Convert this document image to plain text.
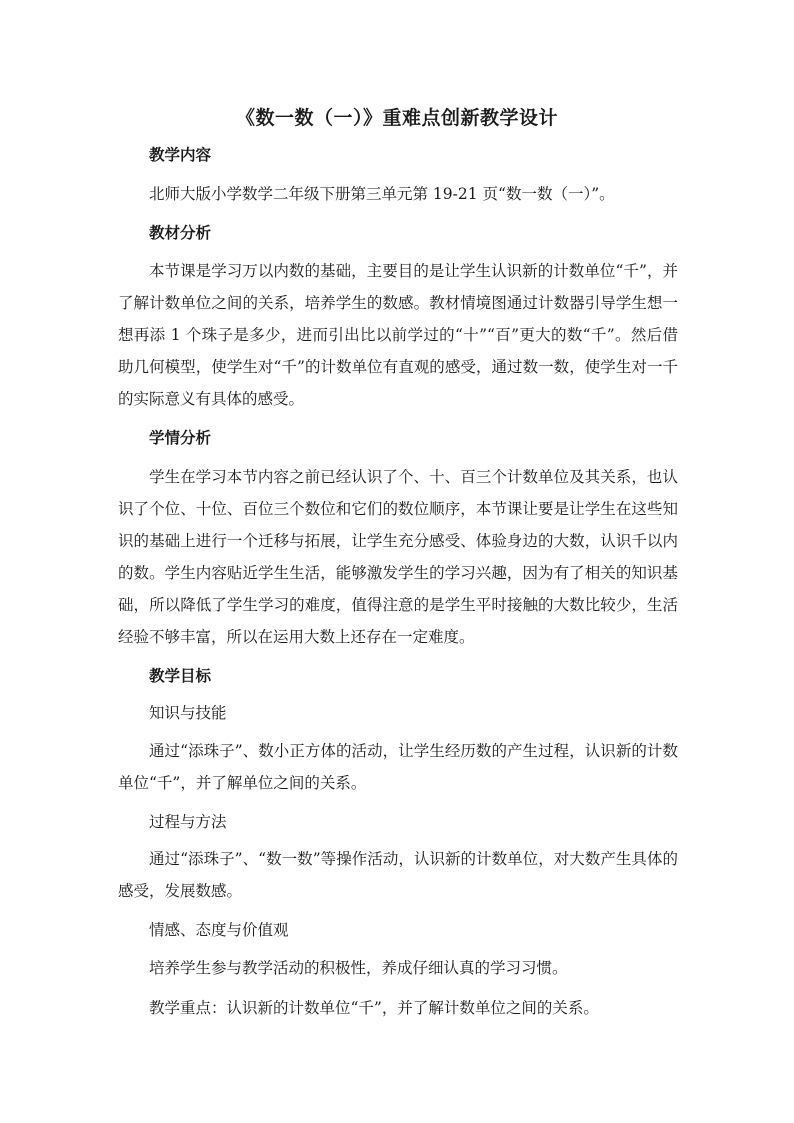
《数一数（一）》重难点创新教学设计
教学内容

北师大版小学数学二年级下册第三单元第 19-21 页“数一数（一）”。

教材分析

本节课是学习万以内数的基础，主要目的是让学生认识新的计数单位“千”，并了解计数单位之间的关系，培养学生的数感。教材情境图通过计数器引导学生想一想再添 1 个珠子是多少，进而引出比以前学过的“十”“百”更大的数“千”。然后借助几何模型，使学生对“千”的计数单位有直观的感受，通过数一数，使学生对一千的实际意义有具体的感受。

学情分析

学生在学习本节内容之前已经认识了个、十、百三个计数单位及其关系，也认识了个位、十位、百位三个数位和它们的数位顺序，本节课让要是让学生在这些知识的基础上进行一个迁移与拓展，让学生充分感受、体验身边的大数，认识千以内的数。学生内容贴近学生生活，能够激发学生的学习兴趣，因为有了相关的知识基础，所以降低了学生学习的难度，值得注意的是学生平时接触的大数比较少，生活经验不够丰富，所以在运用大数上还存在一定难度。

教学目标
知识与技能

通过“添珠子”、数小正方体的活动，让学生经历数的产生过程，认识新的计数单位“千”，并了解单位之间的关系。

过程与方法

通过“添珠子”、“数一数”等操作活动，认识新的计数单位，对大数产生具体的感受，发展数感。

情感、态度与价值观

培养学生参与教学活动的积极性，养成仔细认真的学习习惯。

教学重点：认识新的计数单位“千”，并了解计数单位之间的关系。
